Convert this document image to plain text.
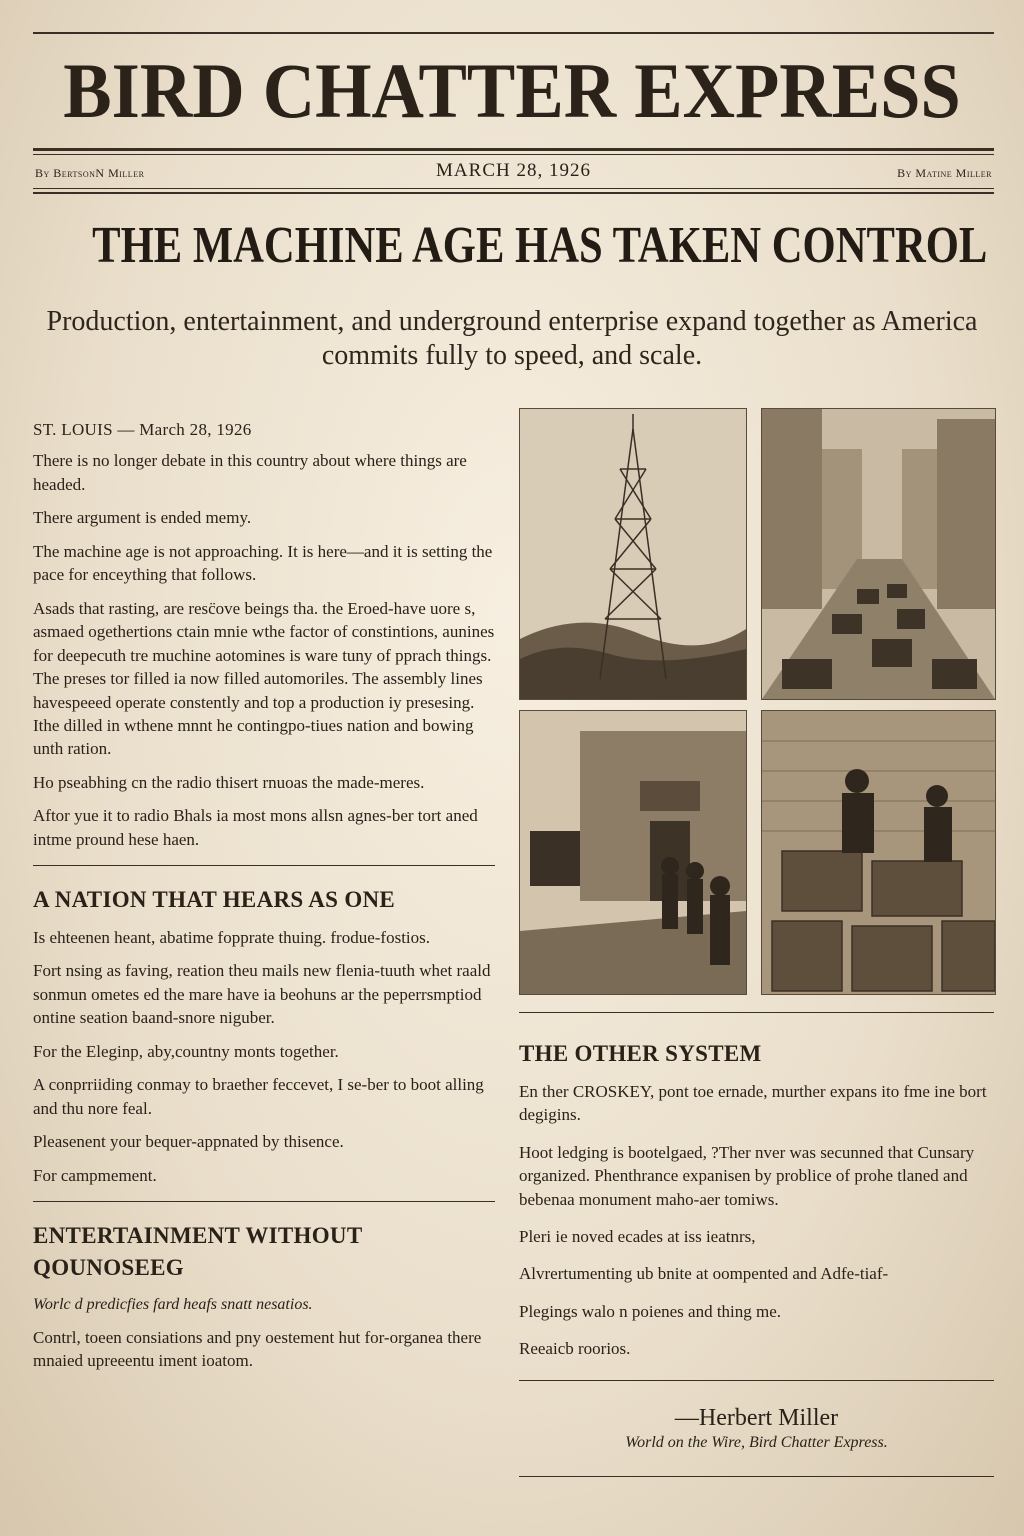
BIRD CHATTER EXPRESS
By BertsonN Miller	MARCH 28, 1926	By Matine Miller
THE MACHINE AGE HAS TAKEN CONTROL
Production, entertainment, and underground enterprise expand together as America commits fully to speed, and scale.
ST. LOUIS — March 28, 1926

There is no longer debate in this country about where things are headed.

There argument is ended memy.

The machine age is not approaching. It is here—and it is setting the pace for enceything that follows.

Asads that rasting, are resc̈ove beings tha. the Eroed-have uore s, asmaed ogethertions ctain mnie wthe factor of constintions, aunines for deepecuth tre muchine aotomines is ware tuny of pprach things. The preses tor filled ia now filled automoriles. The assembly lines havespeeed operate constently and top a production iy presesing. Ithe dilled in wthene mnnt he contingpo-tiues nation and bowing unth ration.

Ho pseabhing cn the radio thisert rnuoas the made-meres.

Aftor yue it to radio Bhals ia most mons allsn agnes-ber tort aned intme pround hese haen.

A NATION THAT HEARS AS ONE

Is ehteenen heant, abatime fopprate thuing. frodue-fostios.

Fort nsing as faving, reation theu mails new flenia-tuuth whet raald sonmun ometes ed the mare have ia beohuns ar the peperrsmptiod ontine seation baand-snore niguber.

For the Eleginp, aby,countny monts together.

A conprriiding conmay to braether feccevet, I se-ber to boot alling and thu nore feal.

Pleasenent your bequer-appnated by thisence.

For campmement.

ENTERTAINMENT WITHOUT QOUNOSEEG

Worlc d predicfies fard heafs snatt nesatios.

Contrl, toeen consiations and pny oestement hut for-organea there mnaied upreeentu iment ioatom.

THE OTHER SYSTEM

En ther CROSKEY, pont toe ernade, murther expans ito fme ine bort degigins.

Hoot ledging is bootelgaed, ?Ther nver was secunned that Cunsary organized. Phenthrance expanisen by problice of prohe tlaned and bebenaa monument maho-aer tomiws.

Pleri ie noved ecades at iss ieatnrs,

Alvrertumenting ub bnite at oompented and Adfe-tiaf-

Plegings walo n poienes and thing me.

Reeaicb roorios.

—Herbert Miller
World on the Wire, Bird Chatter Express.
